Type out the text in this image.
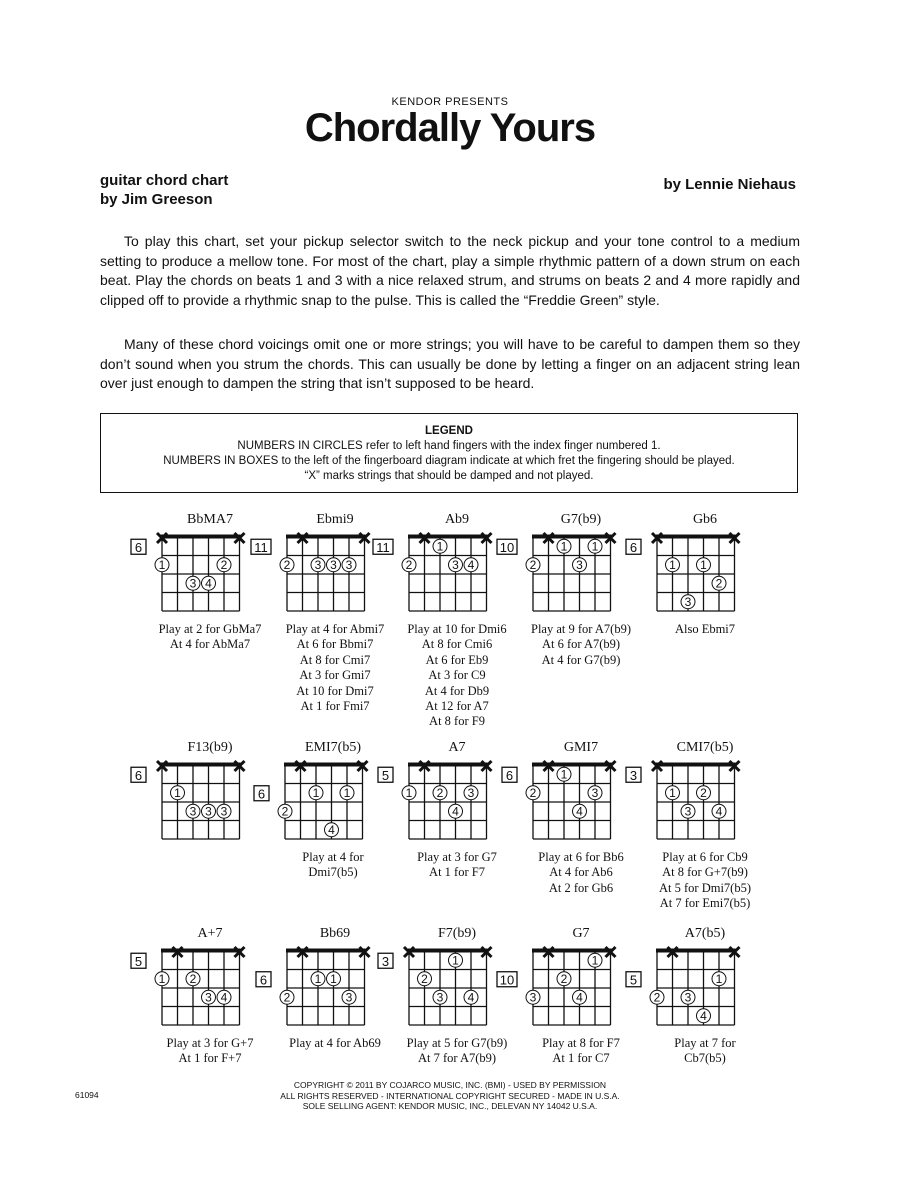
KENDOR PRESENTS
Chordally Yours
guitar chord chart
by Jim Greeson
by Lennie Niehaus

To play this chart, set your pickup selector switch to the neck pickup and your tone control to a medium setting to produce a mellow tone. For most of the chart, play a simple rhythmic pattern of a down strum on each beat. Play the chords on beats 1 and 3 with a nice relaxed strum, and strums on beats 2 and 4 more rapidly and clipped off to provide a rhythmic snap to the pulse. This is called the “Freddie Green” style.

Many of these chord voicings omit one or more strings; you will have to be careful to dampen them so they don’t sound when you strum the chords. This can usually be done by letting a finger on an adjacent string lean over just enough to dampen the string that isn’t supposed to be heard.

LEGEND
NUMBERS IN CIRCLES refer to left hand fingers with the index finger numbered 1.
NUMBERS IN BOXES to the left of the fingerboard diagram indicate at which fret the fingering should be played.
“X” marks strings that should be damped and not played.
BbMA7
6
1	2
3 4
Play at 2 for GbMa7
At 4 for AbMa7
Ebmi9
11
2 3 3 3
Play at 4 for Abmi7
At 6 for Bbmi7
At 8 for Cmi7
At 3 for Gmi7
At 10 for Dmi7
At 1 for Fmi7
Ab9
11	1
2	3 4
Play at 10 for Dmi6
At 8 for Cmi6
At 6 for Eb9
At 3 for C9
At 4 for Db9
At 12 for A7
At 8 for F9
G7(b9)
10	1 1
2	3
Play at 9 for A7(b9)
At 6 for A7(b9)
At 4 for G7(b9)
Gb6
6
1 1
2
3
Also Ebmi7
F13(b9)
6
1
3 3 3
EMI7(b5)
6	1 1
2
4
Play at 4 for
Dmi7(b5)
A7
5
1 2 3
4
Play at 3 for G7
At 1 for F7
GMI7
6	1
2	3
4
Play at 6 for Bb6
At 4 for Ab6
At 2 for Gb6
CMI7(b5)
3
1 2
3 4
Play at 6 for Cb9
At 8 for G+7(b9)
At 5 for Dmi7(b5)
At 7 for Emi7(b5)
A+7
5
1 2
3 4
Play at 3 for G+7
At 1 for F+7
Bb69
6	1 1
2	3
Play at 4 for Ab69
F7(b9)
3	1
2
3 4
Play at 5 for G7(b9)
At 7 for A7(b9)
G7
10
1
2
3	4
Play at 8 for F7
At 1 for C7
A7(b5)
5	1
2 3
4
Play at 7 for
Cb7(b5)
61094
COPYRIGHT © 2011 BY COJARCO MUSIC, INC. (BMI) - USED BY PERMISSION
ALL RIGHTS RESERVED - INTERNATIONAL COPYRIGHT SECURED - MADE IN U.S.A.
SOLE SELLING AGENT: KENDOR MUSIC, INC., DELEVAN NY 14042 U.S.A.
